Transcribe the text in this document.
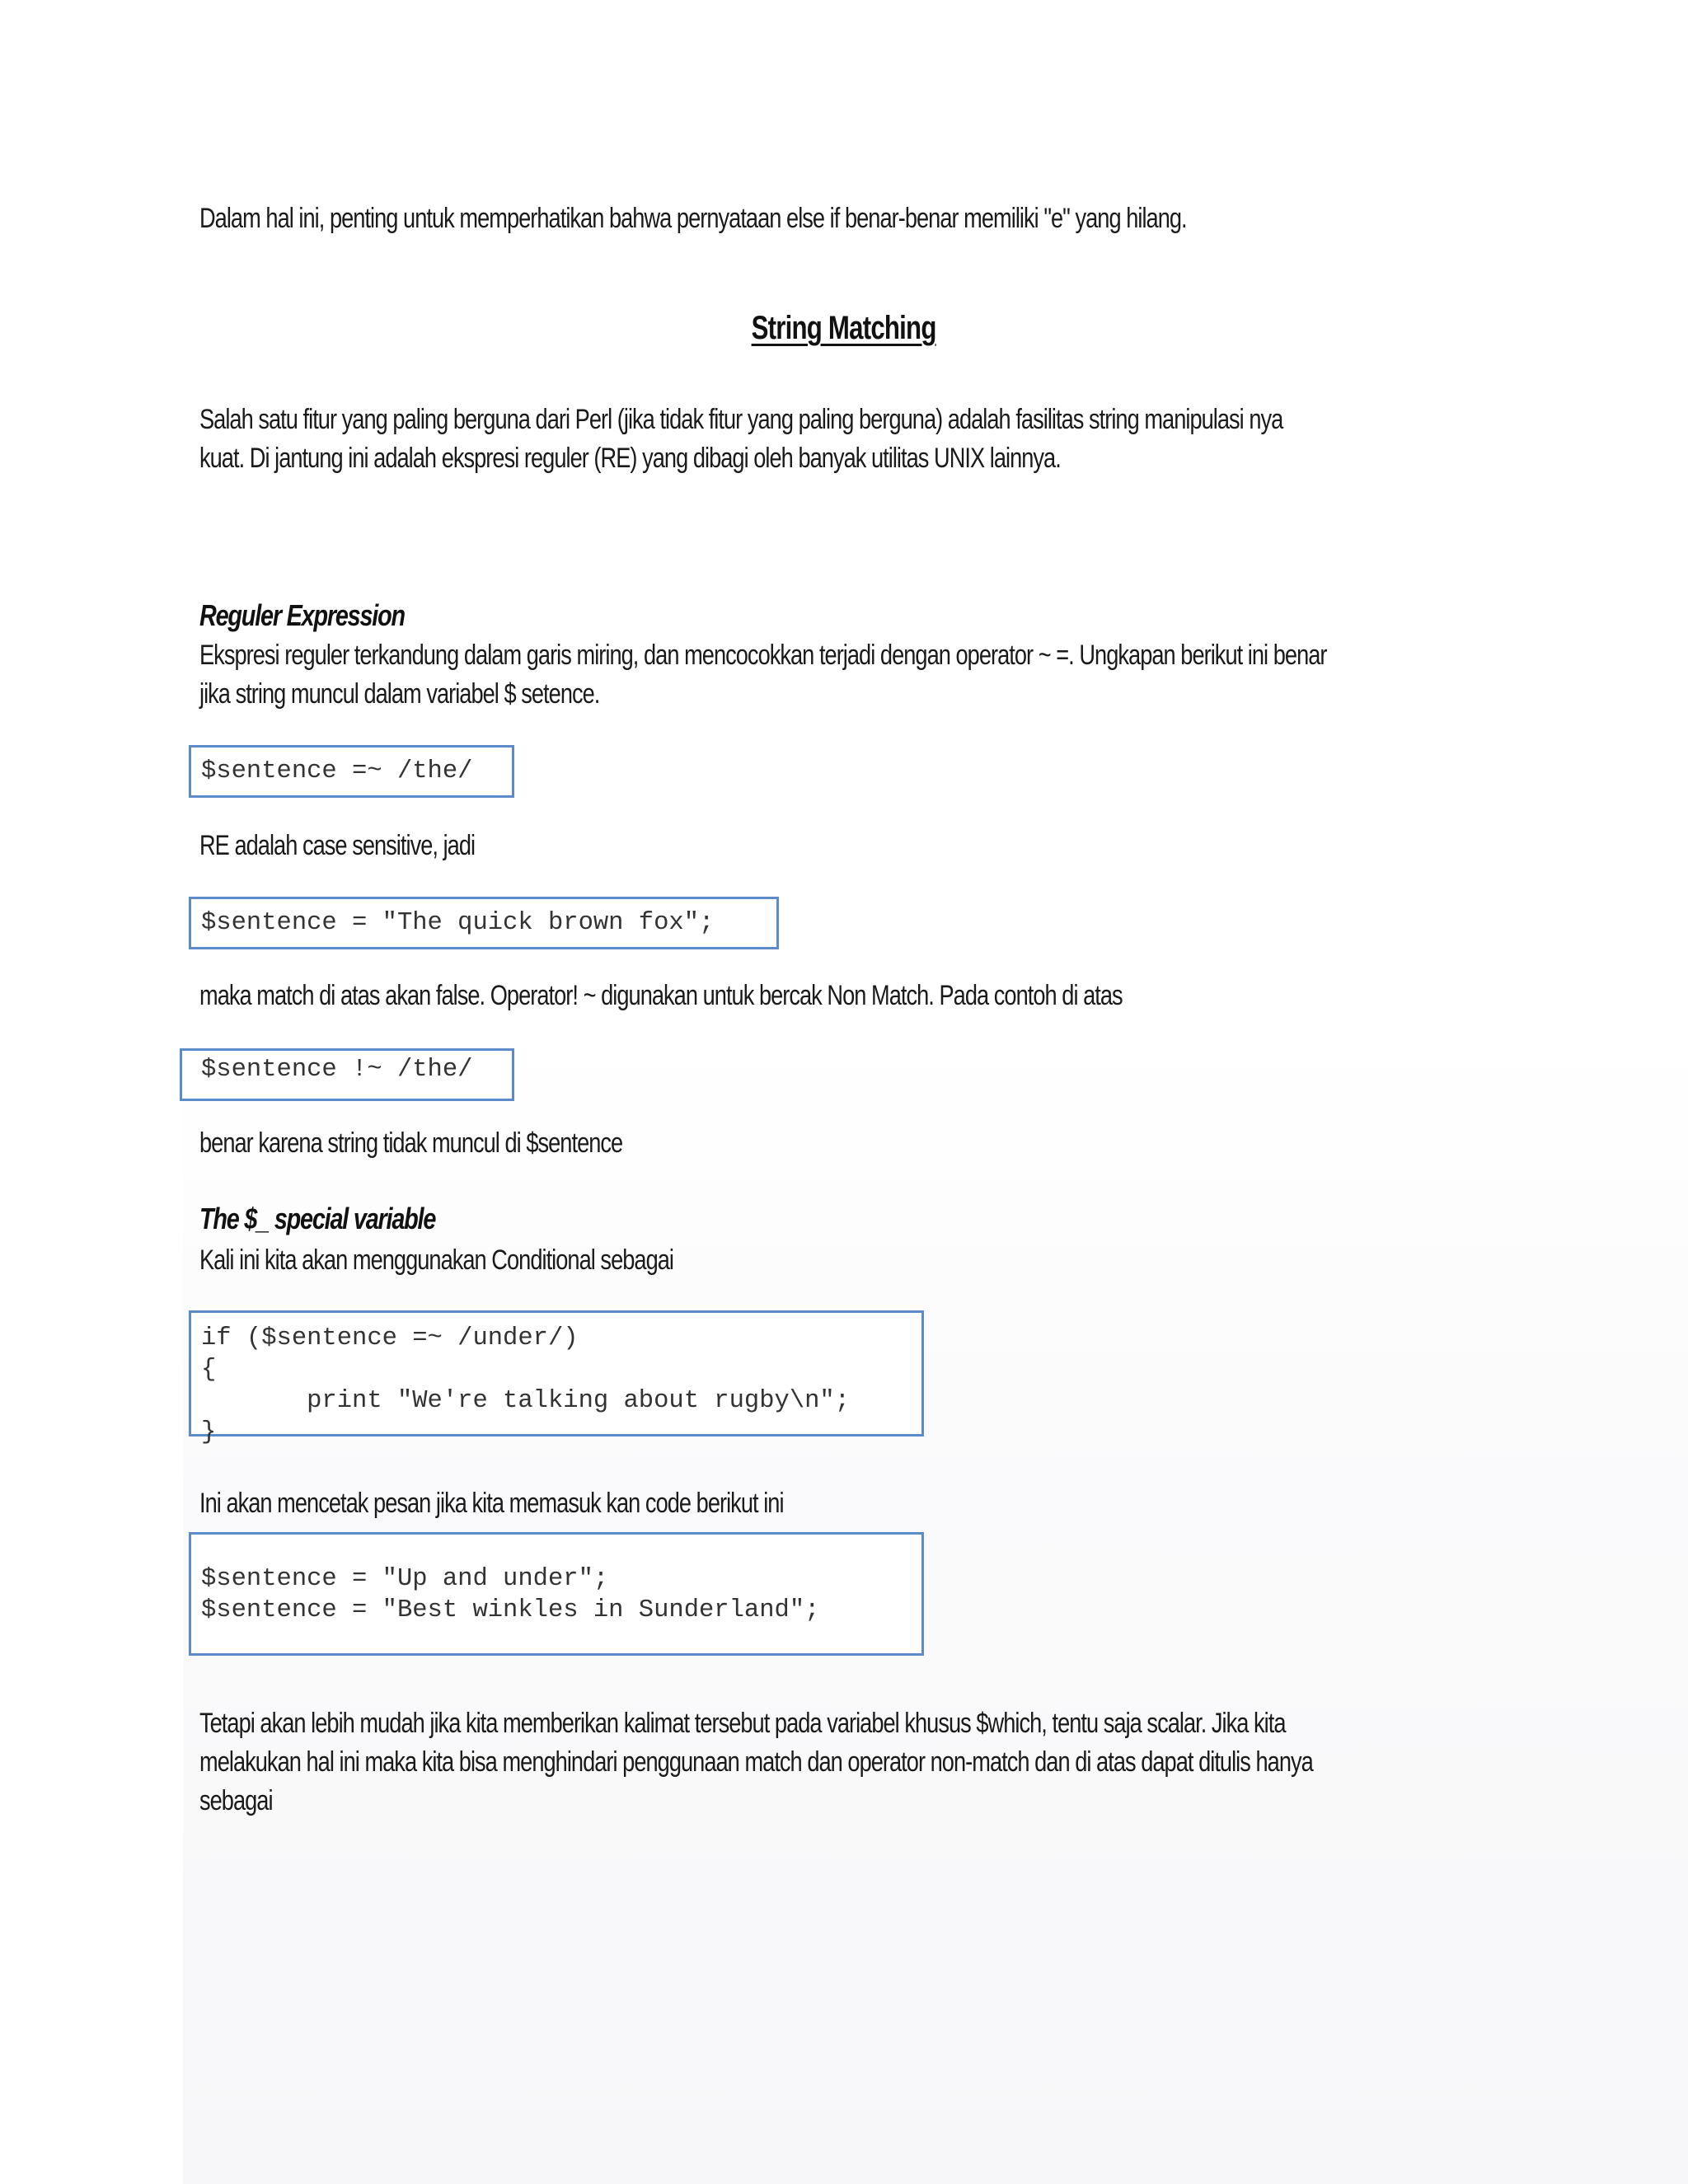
Dalam hal ini, penting untuk memperhatikan bahwa pernyataan else if benar-benar memiliki "e" yang hilang.
String Matching
Salah satu fitur yang paling berguna dari Perl (jika tidak fitur yang paling berguna) adalah fasilitas string manipulasi nya
kuat. Di jantung ini adalah ekspresi reguler (RE) yang dibagi oleh banyak utilitas UNIX lainnya.
Reguler Expression
Ekspresi reguler terkandung dalam garis miring, dan mencocokkan terjadi dengan operator ~ =. Ungkapan berikut ini benar
jika string muncul dalam variabel $ setence.
$sentence =~ /the/
RE adalah case sensitive, jadi
$sentence = "The quick brown fox";
maka match di atas akan false. Operator! ~ digunakan untuk bercak Non Match. Pada contoh di atas
$sentence !~ /the/
benar karena string tidak muncul di $sentence
The $_ special variable
Kali ini kita akan menggunakan Conditional sebagai
if ($sentence =~ /under/)
{
print "We're talking about rugby\n";
}
Ini akan mencetak pesan jika kita memasuk kan code berikut ini
$sentence = "Up and under";
$sentence = "Best winkles in Sunderland";
Tetapi akan lebih mudah jika kita memberikan kalimat tersebut pada variabel khusus $which, tentu saja scalar. Jika kita
melakukan hal ini maka kita bisa menghindari penggunaan match dan operator non-match dan di atas dapat ditulis hanya
sebagai
